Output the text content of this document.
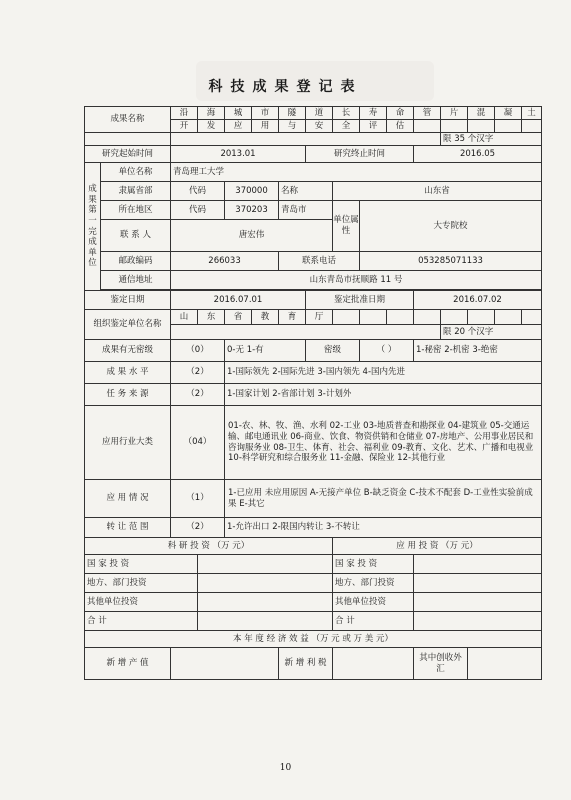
科技成果登记表
成果名称		沿	海	城	市	隧	道	长	寿	命	管	片	混	凝	土
		开	发	应	用	与	安	全	评	估					
												限 35 个汉字			
研究起始时间		2013.01					研究终止时间				2016.05				
成果第一完成单位	单位名称	青岛理工大学													
	隶属省部	代码		370000		名称		山东省							
	所在地区	代码		370203		青岛市		单位属性	大专院校						
	联 系 人	唐宏伟													
	邮政编码	266033				联系电话			053285071133						
	通信地址	山东青岛市抚顺路 11 号													

鉴定日期		2016.07.01					鉴定批准日期				2016.07.02				
组织鉴定单位名称		山	东	省	教	育	厅								
												限 20 个汉字			
成果有无密级		（0）		0-无 1-有			密级		（ ）		1-秘密 2-机密 3-绝密				
成 果 水 平		（2）		1-国际领先 2-国际先进 3-国内领先 4-国内先进											
任 务 来 源		（2）		1-国家计划 2-省部计划 3-计划外											
应用行业大类		（04）		01-农、林、牧、渔、水利 02-工业 03-地质普查和勘探业 04-建筑业 05-交通运输、邮电通讯业 06-商业、饮食、物资供销和仓储业 07-房地产、公用事业居民和咨询服务业 08-卫生、体育、社会、福利业 09-教育、文化、艺术、广播和电视业 10-科学研究和综合服务业 11-金融、保险业 12-其他行业											
应 用 情 况		（1）		1-已应用 未应用原因 A-无接产单位 B-缺乏资金 C-技术不配套 D-工业性实验前成果 E-其它											
转 让 范 围		（2）		1-允许出口 2-限国内转让 3-不转让											
科 研 投 资 （万 元）								应 用 投 资 （万 元）							
国 家 投 资								国 家 投 资							
地方、部门投资								地方、部门投资							
其他单位投资								其他单位投资							
合 计								合 计							
本 年 度 经 济 效 益 （万 元 或 万 美 元）															
新 增 产 值						新 增 利 税					其中创收外 汇				
10
